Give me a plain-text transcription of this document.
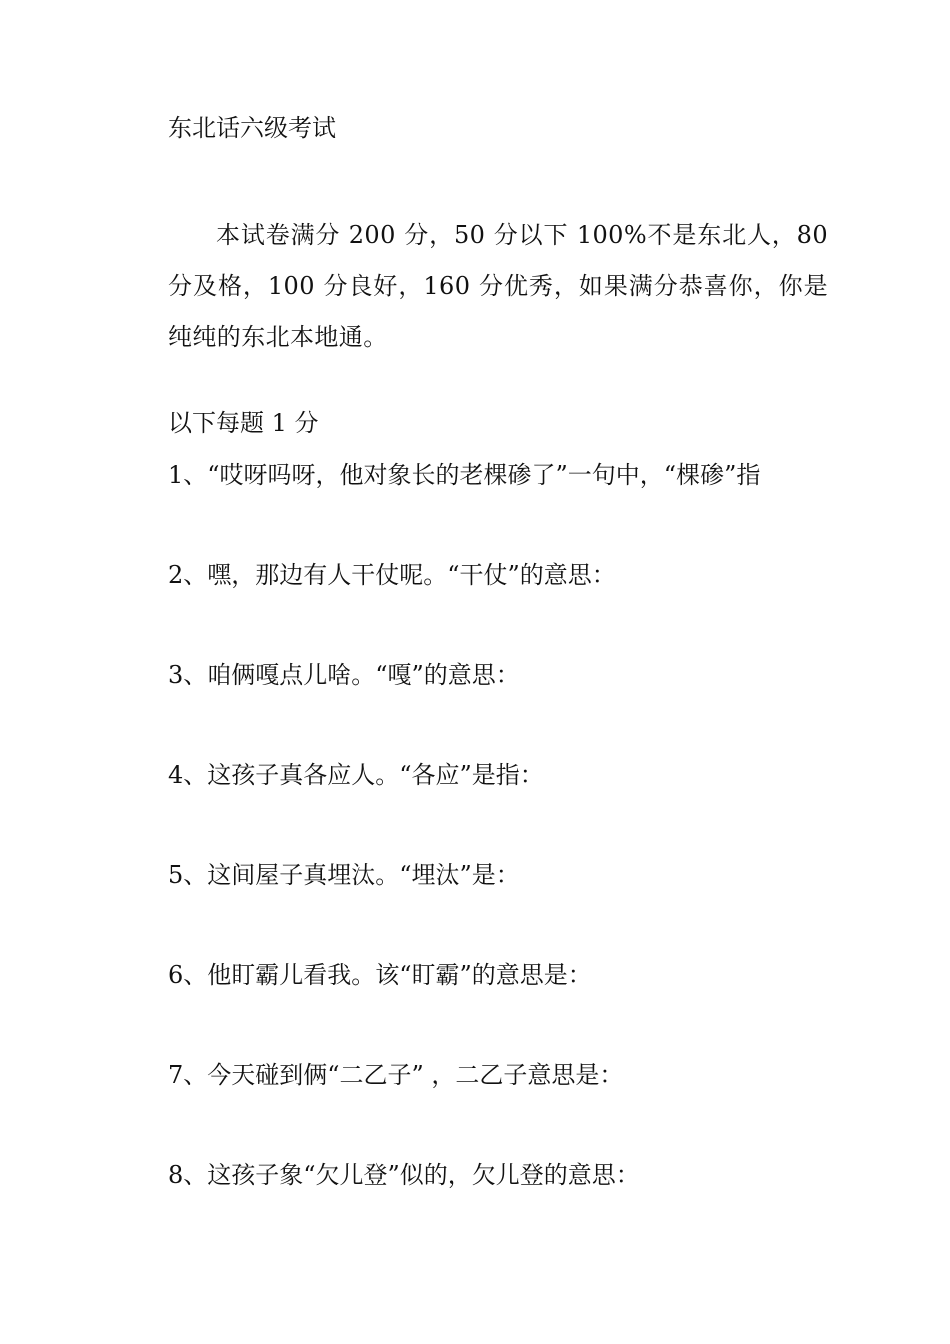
东北话六级考试
本试卷满分 200 分，50 分以下 100%不是东北人，80 分及格，100 分良好，160 分优秀，如果满分恭喜你，你是纯纯的东北本地通。
以下每题 1 分
1、“哎呀吗呀，他对象长的老棵碜了”一句中，“棵碜”指
2、嘿，那边有人干仗呢。“干仗”的意思：
3、咱俩嘎点儿啥。“嘎”的意思：
4、这孩子真各应人。“各应”是指：
5、这间屋子真埋汰。“埋汰”是：
6、他盯霸儿看我。该“盯霸”的意思是：
7、今天碰到俩“二乙子” ，二乙子意思是：
8、这孩子象“欠儿登”似的，欠儿登的意思：
